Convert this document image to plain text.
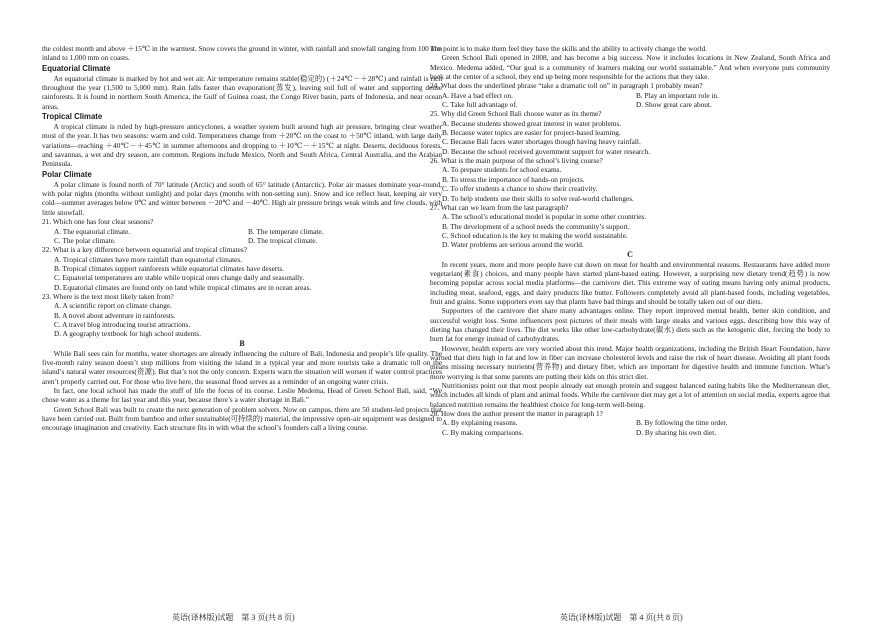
the coldest month and above ＋15℃ in the warmest. Snow covers the ground in winter, with rainfall and snowfall ranging from 100 mm inland to 1,000 mm on coasts.

Equatorial Climate

An equatorial climate is marked by hot and wet air. Air temperature remains stable(稳定的) (＋24℃－＋28℃) and rainfall is rich throughout the year (1,500 to 5,000 mm). Rain falls faster than evaporation(蒸发), leaving soil full of water and supporting dense rainforests. It is found in northern South America, the Gulf of Guinea coast, the Congo River basin, parts of Indonesia, and near ocean areas.

Tropical Climate

A tropical climate is ruled by high-pressure anticyclones, a weather system built around high air pressure, bringing clear weather most of the year. It has two seasons: warm and cold. Temperatures change from ＋20℃ on the coast to ＋50℃ inland, with large daily variations—reaching ＋40℃－＋45℃ in summer afternoons and dropping to ＋10℃－＋15℃ at night. Deserts, deciduous forests, and savannas, a wet and dry season, are common. Regions include Mexico, North and South Africa, Central Australia, and the Arabian Peninsula.

Polar Climate

A polar climate is found north of 70° latitude (Arctic) and south of 65° latitude (Antarctic). Polar air masses dominate year-round, with polar nights (months without sunlight) and polar days (months with non-setting sun). Snow and ice reflect heat, keeping air very cold—summer averages below 0℃ and winter between －20℃ and －40℃. High air pressure brings weak winds and few clouds, with little snowfall.

21. Which one has four clear seasons?

A. The equatorial climate.	B. The temperate climate.
C. The polar climate.	D. The tropical climate.

22. What is a key difference between equatorial and tropical climates?

A. Tropical climates have more rainfall than equatorial climates.

B. Tropical climates support rainforests while equatorial climates have deserts.

C. Equatorial temperatures are stable while tropical ones change daily and seasonally.

D. Equatorial climates are found only on land while tropical climates are in ocean areas.

23. Where is the text most likely taken from?

A. A scientific report on climate change.

B. A novel about adventure in rainforests.

C. A travel blog introducing tourist attractions.

D. A geography textbook for high school students.

B

While Bali sees rain for months, water shortages are already influencing the culture of Bali, Indonesia and people’s life quality. The five-month rainy season doesn’t stop millions from visiting the island in a typical year and more tourists take a dramatic toll on the island’s natural water resources(资源). But that’s not the only concern. Experts warn the situation will worsen if water control practices aren’t properly carried out. For those who live here, the seasonal flood serves as a reminder of an ongoing water crisis.

In fact, one local school has made the stuff of life the focus of its course. Leslie Medema, Head of Green School Bali, said, “We chose water as a theme for last year and this year, because there’s a water shortage in Bali.”

Green School Bali was built to create the next generation of problem solvers. Now on campus, there are 50 student-led projects that have been carried out. Built from bamboo and other sustainable(可持续的) material, the impressive open-air equipment was designed to encourage imagination and creativity. Each structure fits in with what the school’s founders call a living course.

The point is to make them feel they have the skills and the ability to actively change the world.

Green School Bali opened in 2008, and has become a big success. Now it includes locations in New Zealand, South Africa and Mexico. Medema added, “Our goal is a community of learners making our world sustainable.” And when everyone puts community back at the center of a school, they end up being more responsible for the actions that they take.

24. What does the underlined phrase “take a dramatic toll on” in paragraph 1 probably mean?

A. Have a bad effect on.	B. Play an important role in.
C. Take full advantage of.	D. Show great care about.

25. Why did Green School Bali choose water as its theme?

A. Because students showed great interest in water problems.

B. Because water topics are easier for project-based learning.

C. Because Bali faces water shortages though having heavy rainfall.

D. Because the school received government support for water research.

26. What is the main purpose of the school’s living course?

A. To prepare students for school exams.

B. To stress the importance of hands-on projects.

C. To offer students a chance to show their creativity.

D. To help students use their skills to solve real-world challenges.

27. What can we learn from the last paragraph?

A. The school’s educational model is popular in some other countries.

B. The development of a school needs the community’s support.

C. School education is the key to making the world sustainable.

D. Water problems are serious around the world.

C

In recent years, more and more people have cut down on meat for health and environmental reasons. Restaurants have added more vegetarian(素食) choices, and many people have started plant-based eating. However, a surprising new dietary trend(趋势) is now becoming popular across social media platforms—the carnivore diet. This extreme way of eating means having only animal products, including meat, seafood, eggs, and dairy products like butter. Followers completely avoid all plant-based foods, including vegetables, fruit and grains. Some supporters even say that plants have bad things and should be totally taken out of our diets.

Supporters of the carnivore diet share many advantages online. They report improved mental health, better skin condition, and successful weight loss. Some influencers post pictures of their meals with large steaks and various eggs, describing how this way of dieting has changed their lives. The diet works like other low-carbohydrate(碳水) diets such as the ketogenic diet, forcing the body to burn fat for energy instead of carbohydrates.

However, health experts are very worried about this trend. Major health organizations, including the British Heart Foundation, have warned that diets high in fat and low in fiber can increase cholesterol levels and raise the risk of heart disease. Avoiding all plant foods means missing necessary nutrients(营养物) and dietary fiber, which are important for digestive health and immune function. What’s more worrying is that some parents are putting their kids on this strict diet.

Nutritionists point out that most people already eat enough protein and suggest balanced eating habits like the Mediterranean diet, which includes all kinds of plant and animal foods. While the carnivore diet may get a lot of attention on social media, experts agree that balanced nutrition remains the healthiest choice for long-term well-being.

28. How does the author present the matter in paragraph 1?

A. By explaining reasons.	B. By following the time order.
C. By making comparisons.	D. By sharing his own diet.
英语(译林版)试题　第 3 页(共 8 页)	英语(译林版)试题　第 4 页(共 8 页)
